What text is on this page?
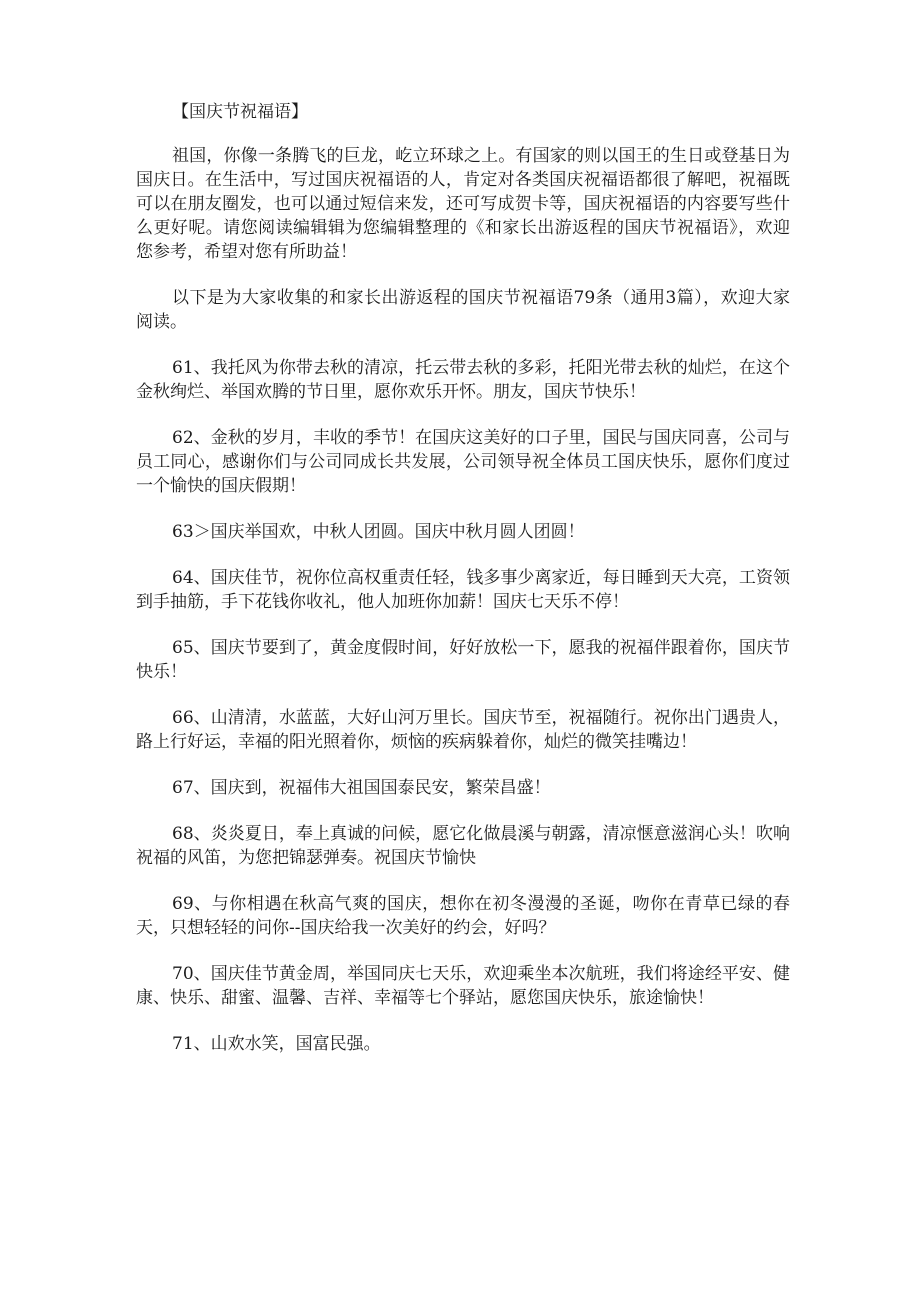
【国庆节祝福语】

祖国，你像一条腾飞的巨龙，屹立环球之上。有国家的则以国王的生日或登基日为国庆日。在生活中，写过国庆祝福语的人，肯定对各类国庆祝福语都很了解吧，祝福既可以在朋友圈发，也可以通过短信来发，还可写成贺卡等，国庆祝福语的内容要写些什么更好呢。请您阅读编辑辑为您编辑整理的《和家长出游返程的国庆节祝福语》，欢迎您参考，希望对您有所助益！

以下是为大家收集的和家长出游返程的国庆节祝福语79条（通用3篇），欢迎大家阅读。

61、我托风为你带去秋的清凉，托云带去秋的多彩，托阳光带去秋的灿烂，在这个金秋绚烂、举国欢腾的节日里，愿你欢乐开怀。朋友，国庆节快乐！

62、金秋的岁月，丰收的季节！在国庆这美好的口子里，国民与国庆同喜，公司与员工同心，感谢你们与公司同成长共发展，公司领导祝全体员工国庆快乐，愿你们度过一个愉快的国庆假期！

63＞国庆举国欢，中秋人团圆。国庆中秋月圆人团圆！

64、国庆佳节，祝你位高权重责任轻，钱多事少离家近，每日睡到天大亮，工资领到手抽筋，手下花钱你收礼，他人加班你加薪！国庆七天乐不停！

65、国庆节要到了，黄金度假时间，好好放松一下，愿我的祝福伴跟着你，国庆节快乐！

66、山清清，水蓝蓝，大好山河万里长。国庆节至，祝福随行。祝你出门遇贵人，路上行好运，幸福的阳光照着你，烦恼的疾病躲着你，灿烂的微笑挂嘴边！

67、国庆到，祝福伟大祖国国泰民安，繁荣昌盛！

68、炎炎夏日，奉上真诚的问候，愿它化做晨溪与朝露，清凉惬意滋润心头！吹响祝福的风笛，为您把锦瑟弹奏。祝国庆节愉快

69、与你相遇在秋高气爽的国庆，想你在初冬漫漫的圣诞，吻你在青草已绿的春天，只想轻轻的问你--国庆给我一次美好的约会，好吗？

70、国庆佳节黄金周，举国同庆七天乐，欢迎乘坐本次航班，我们将途经平安、健康、快乐、甜蜜、温馨、吉祥、幸福等七个驿站，愿您国庆快乐，旅途愉快！

71、山欢水笑，国富民强。
